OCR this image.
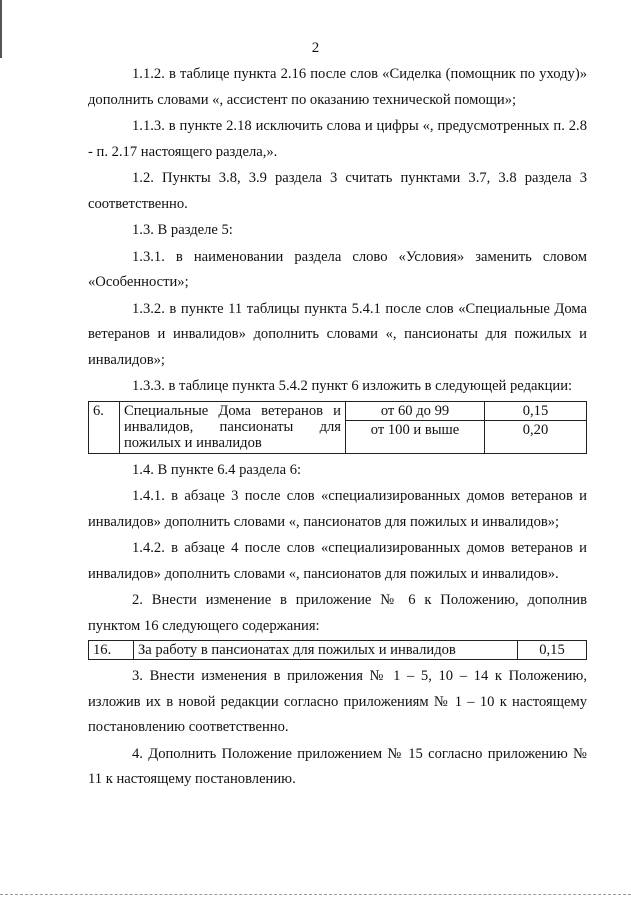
2

1.1.2. в таблице пункта 2.16 после слов «Сиделка (помощник по уходу)» дополнить словами «, ассистент по оказанию технической помощи»;

1.1.3. в пункте 2.18 исключить слова и цифры «, предусмотренных п. 2.8 - п. 2.17 настоящего раздела,».

1.2. Пункты 3.8, 3.9 раздела 3 считать пунктами 3.7, 3.8 раздела 3 соответственно.

1.3. В разделе 5:

1.3.1. в наименовании раздела слово «Условия» заменить словом «Особенности»;

1.3.2. в пункте 11 таблицы пункта 5.4.1 после слов «Специальные Дома ветеранов и инвалидов» дополнить словами «, пансионаты для пожилых и инвалидов»;

1.3.3. в таблице пункта 5.4.2 пункт 6 изложить в следующей редакции:

6.	Специальные Дома ветеранов и
инвалидов, пансионаты для
пожилых и инвалидов	от 60 до 99	0,15
		от 100 и выше	0,20

1.4. В пункте 6.4 раздела 6:

1.4.1. в абзаце 3 после слов «специализированных домов ветеранов и инвалидов» дополнить словами «, пансионатов для пожилых и инвалидов»;

1.4.2. в абзаце 4 после слов «специализированных домов ветеранов и инвалидов» дополнить словами «, пансионатов для пожилых и инвалидов».

2. Внести изменение в приложение № 6 к Положению, дополнив пунктом 16 следующего содержания:

16.	За работу в пансионатах для пожилых и инвалидов	0,15

3. Внести изменения в приложения № 1 – 5, 10 – 14 к Положению, изложив их в новой редакции согласно приложениям № 1 – 10 к настоящему постановлению соответственно.

4. Дополнить Положение приложением № 15 согласно приложению № 11 к настоящему постановлению.
